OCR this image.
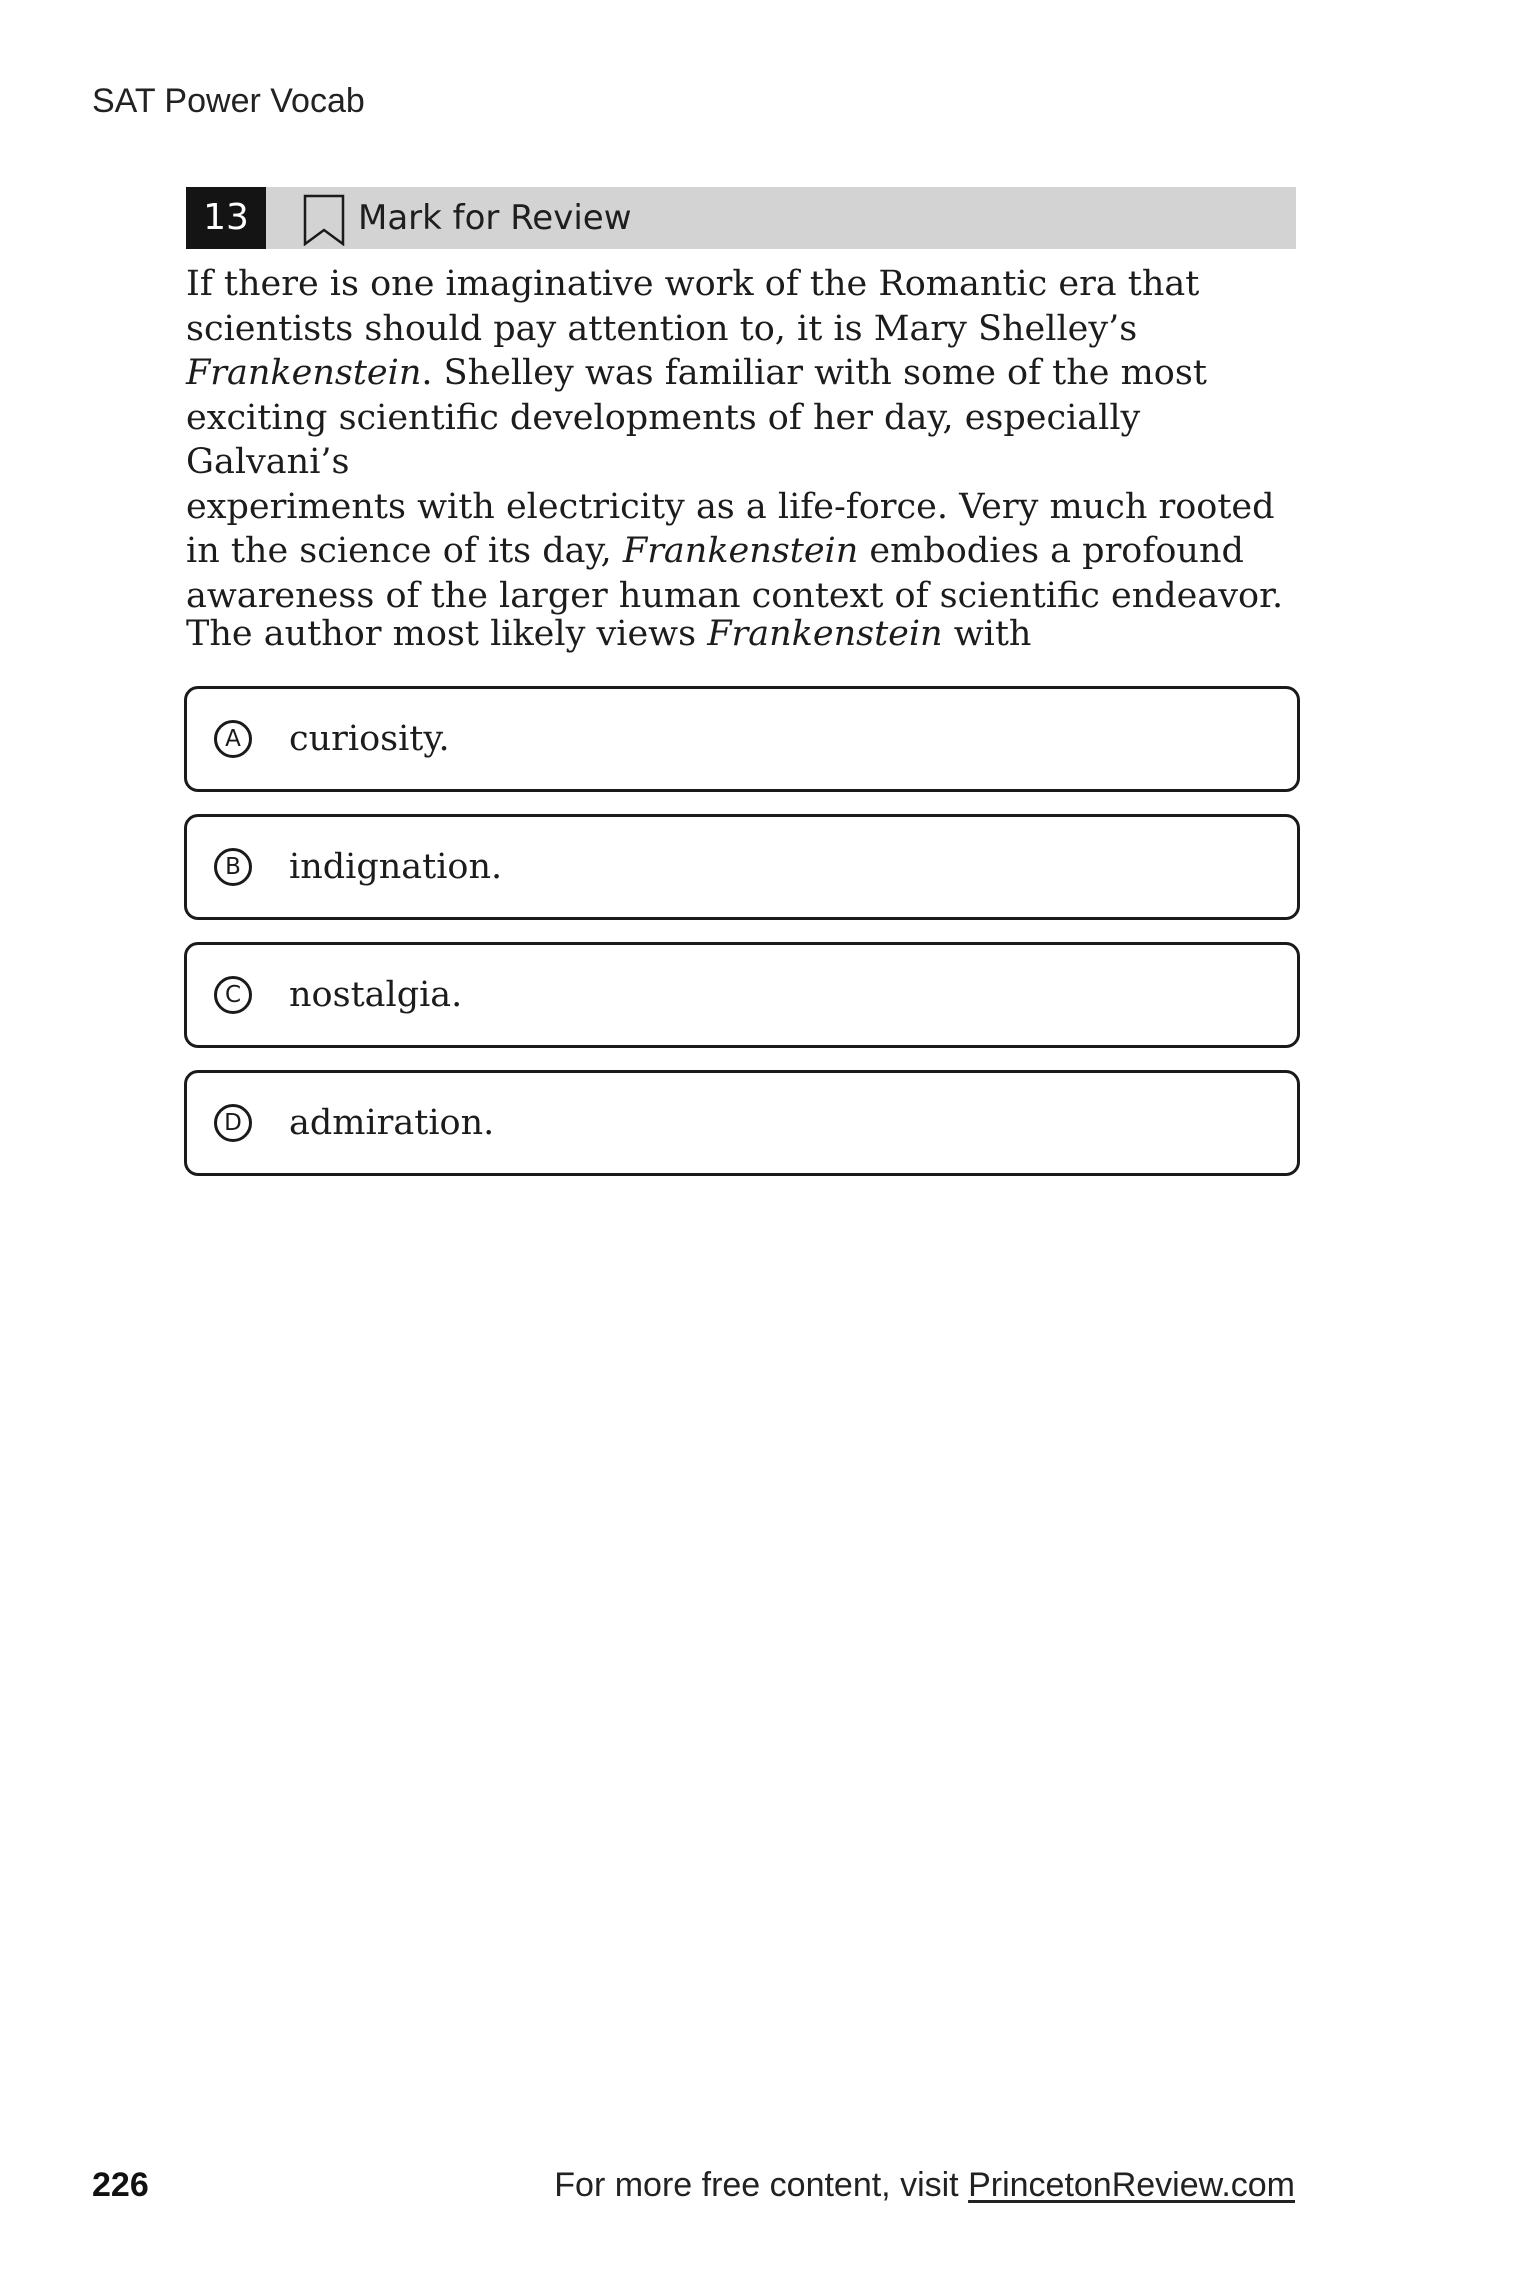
SAT Power Vocab
13	Mark for Review

If there is one imaginative work of the Romantic era that
scientists should pay attention to, it is Mary Shelley’s
Frankenstein. Shelley was familiar with some of the most
exciting scientific developments of her day, especially Galvani’s
experiments with electricity as a life-force. Very much rooted
in the science of its day, Frankenstein embodies a profound
awareness of the larger human context of scientific endeavor.

The author most likely views Frankenstein with

A	curiosity.
B	indignation.
C	nostalgia.
D admiration.
226	For more free content, visit PrincetonReview.com
